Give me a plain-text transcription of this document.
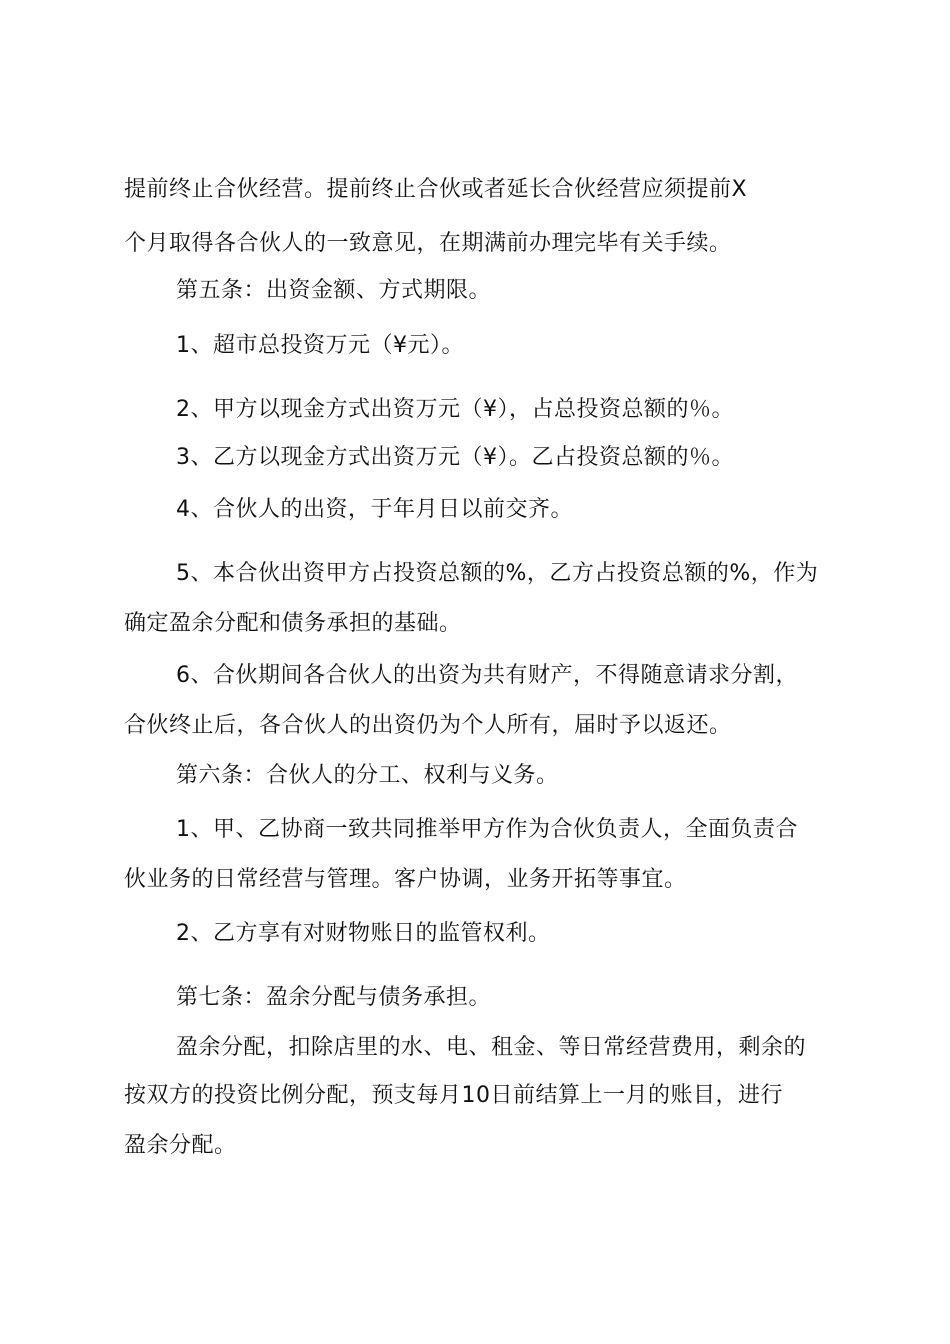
提前终止合伙经营。提前终止合伙或者延长合伙经营应须提前X
个月取得各合伙人的一致意见，在期满前办理完毕有关手续。
第五条：出资金额、方式期限。
1、超市总投资万元（¥元）。
2、甲方以现金方式出资万元（¥），占总投资总额的％。
3、乙方以现金方式出资万元（¥）。乙占投资总额的％。
4、合伙人的出资，于年月日以前交齐。
5、本合伙出资甲方占投资总额的%，乙方占投资总额的%，作为
确定盈余分配和债务承担的基础。
6、合伙期间各合伙人的出资为共有财产，不得随意请求分割，
合伙终止后，各合伙人的出资仍为个人所有，届时予以返还。
第六条：合伙人的分工、权利与义务。
1、甲、乙协商一致共同推举甲方作为合伙负责人，全面负责合
伙业务的日常经营与管理。客户协调，业务开拓等事宜。
2、乙方享有对财物账日的监管权利。
第七条：盈余分配与债务承担。
盈余分配，扣除店里的水、电、租金、等日常经营费用，剩余的
按双方的投资比例分配，预支每月10日前结算上一月的账目，进行
盈余分配。
